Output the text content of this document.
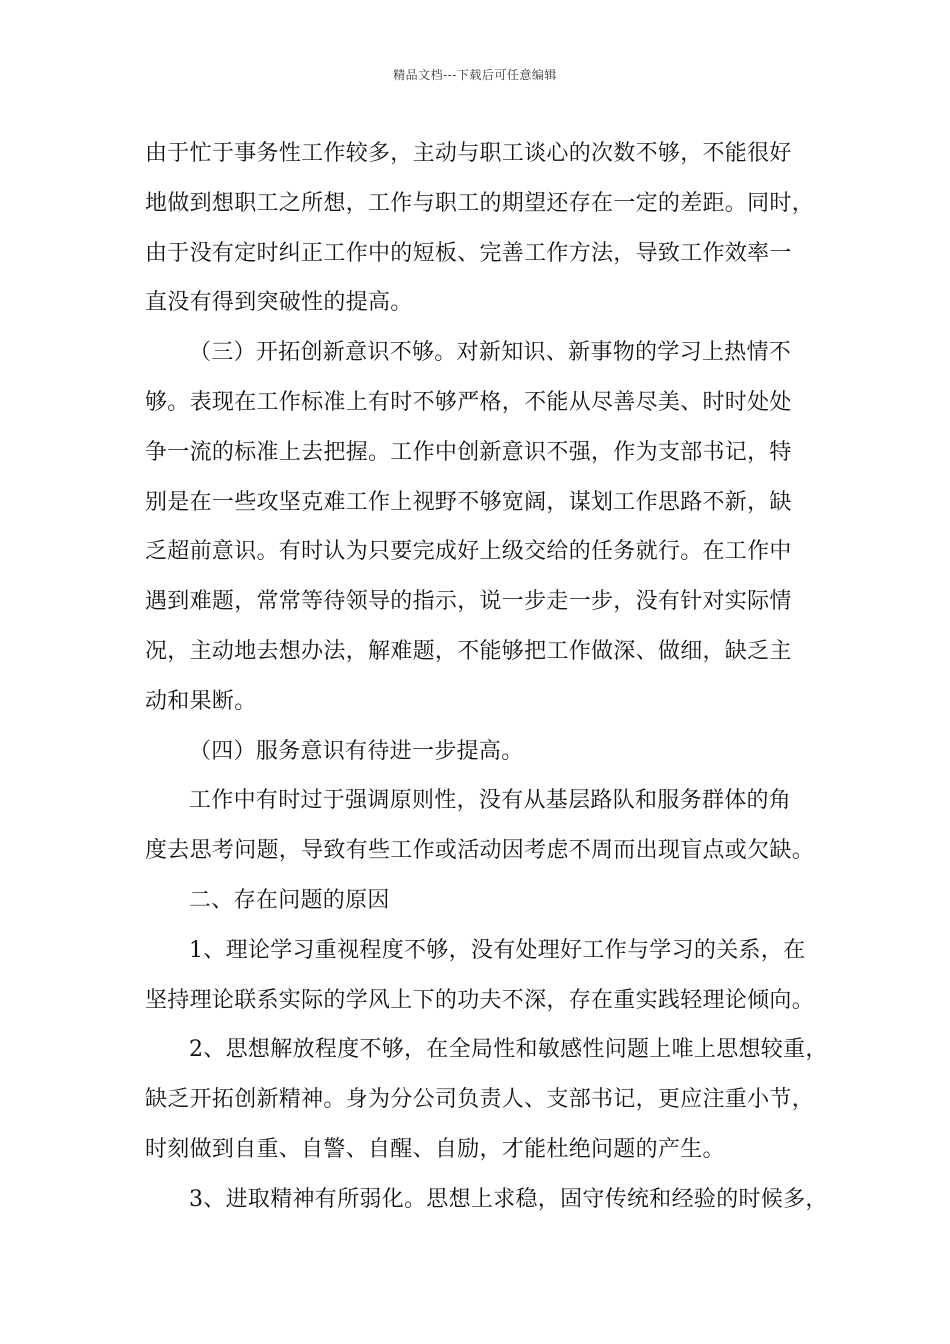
精品文档---下载后可任意编辑
由于忙于事务性工作较多，主动与职工谈心的次数不够，不能很好
地做到想职工之所想，工作与职工的期望还存在一定的差距。同时，
由于没有定时纠正工作中的短板、完善工作方法，导致工作效率一
直没有得到突破性的提高。
（三）开拓创新意识不够。对新知识、新事物的学习上热情不
够。表现在工作标准上有时不够严格，不能从尽善尽美、时时处处
争一流的标准上去把握。工作中创新意识不强，作为支部书记，特
别是在一些攻坚克难工作上视野不够宽阔，谋划工作思路不新，缺
乏超前意识。有时认为只要完成好上级交给的任务就行。在工作中
遇到难题，常常等待领导的指示，说一步走一步，没有针对实际情
况，主动地去想办法，解难题，不能够把工作做深、做细，缺乏主
动和果断。
（四）服务意识有待进一步提高。
工作中有时过于强调原则性，没有从基层路队和服务群体的角
度去思考问题，导致有些工作或活动因考虑不周而出现盲点或欠缺。
二、存在问题的原因
1、理论学习重视程度不够，没有处理好工作与学习的关系，在
坚持理论联系实际的学风上下的功夫不深，存在重实践轻理论倾向。
2、思想解放程度不够，在全局性和敏感性问题上唯上思想较重，
缺乏开拓创新精神。身为分公司负责人、支部书记，更应注重小节，
时刻做到自重、自警、自醒、自励，才能杜绝问题的产生。
3、进取精神有所弱化。思想上求稳，固守传统和经验的时候多，
